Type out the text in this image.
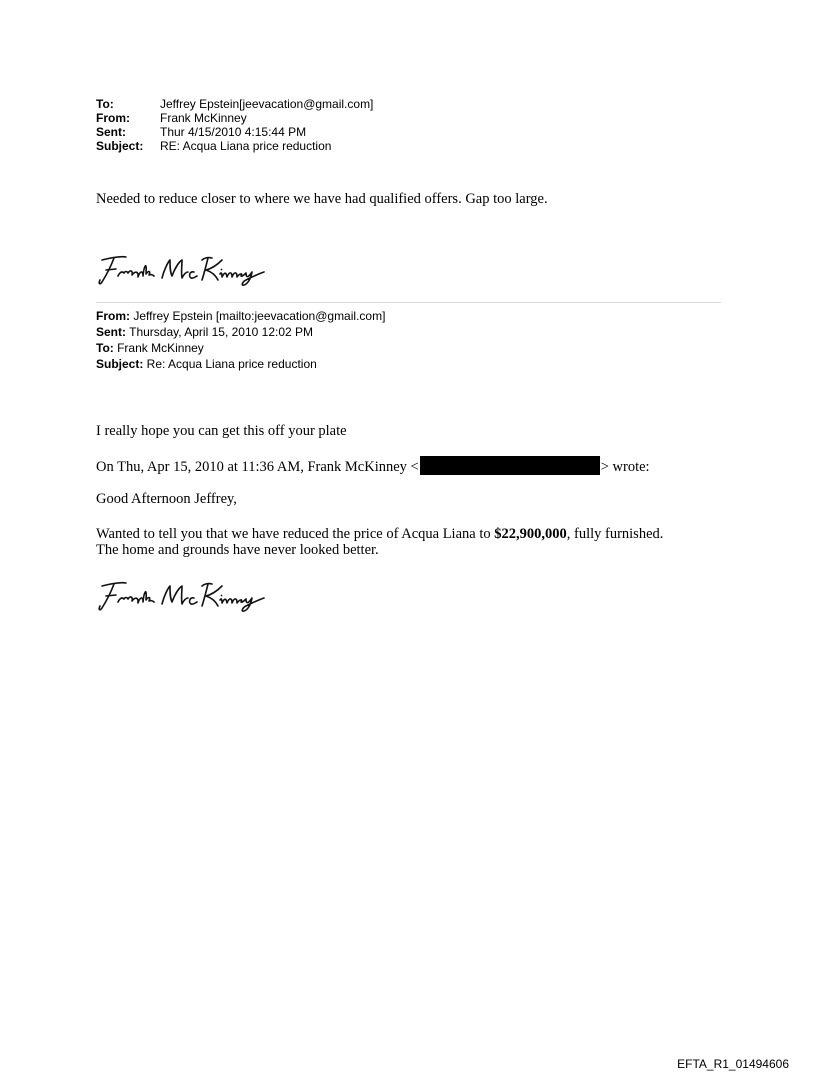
To:	Jeffrey Epstein[jeevacation@gmail.com]
From:	Frank McKinney
Sent:	Thur 4/15/2010 4:15:44 PM
Subject:	RE: Acqua Liana price reduction
Needed to reduce closer to where we have had qualified offers. Gap too large.
From: Jeffrey Epstein [mailto:jeevacation@gmail.com]
Sent: Thursday, April 15, 2010 12:02 PM
To: Frank McKinney
Subject: Re: Acqua Liana price reduction
I really hope you can get this off your plate
On Thu, Apr 15, 2010 at 11:36 AM, Frank McKinney <	> wrote:
Good Afternoon Jeffrey,
Wanted to tell you that we have reduced the price of Acqua Liana to $22,900,000, fully furnished.
The home and grounds have never looked better.
EFTA_R1_01494606
